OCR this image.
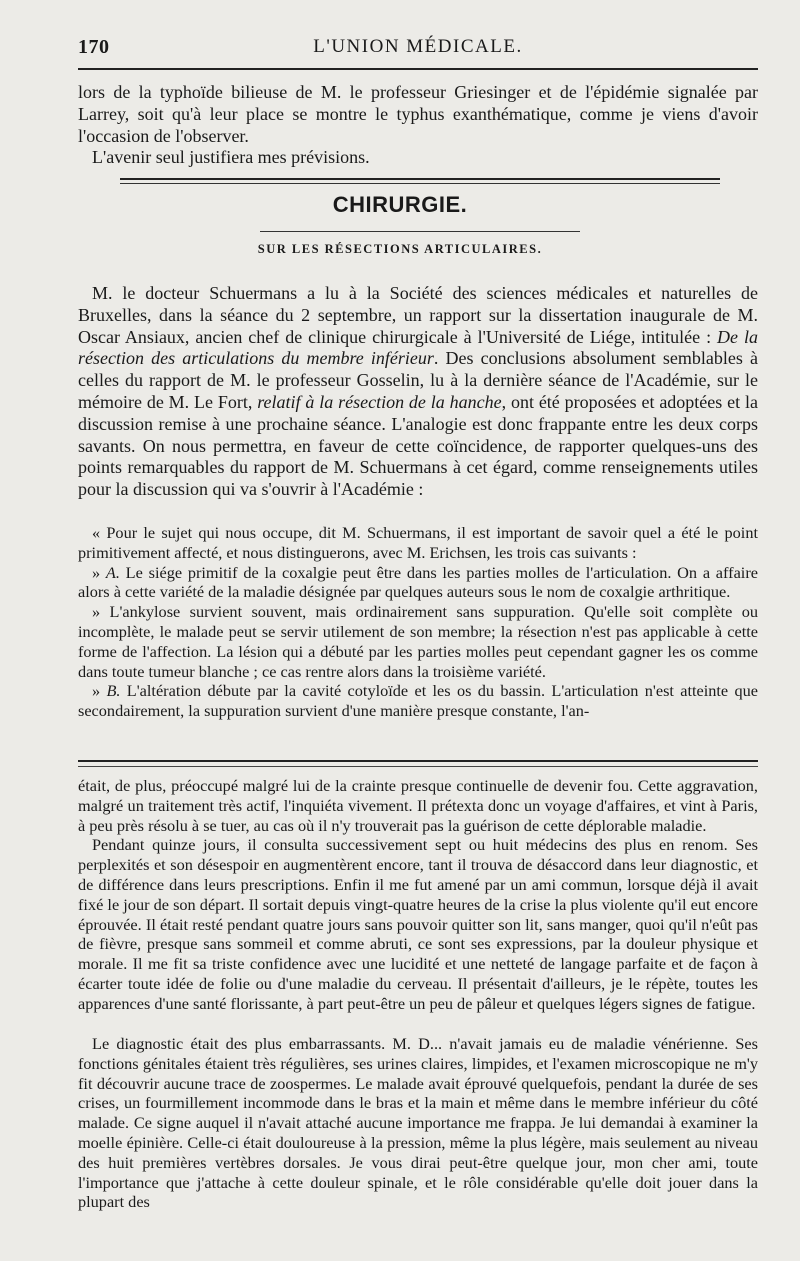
170	L'UNION MÉDICALE.

lors de la typhoïde bilieuse de M. le professeur Griesinger et de l'épidémie signalée par Larrey, soit qu'à leur place se montre le typhus exanthématique, comme je viens d'avoir l'occasion de l'observer.

L'avenir seul justifiera mes prévisions.

CHIRURGIE.
SUR LES RÉSECTIONS ARTICULAIRES.

M. le docteur Schuermans a lu à la Société des sciences médicales et naturelles de Bruxelles, dans la séance du 2 septembre, un rapport sur la dissertation inaugurale de M. Oscar Ansiaux, ancien chef de clinique chirurgicale à l'Université de Liége, intitulée : De la résection des articulations du membre inférieur. Des conclusions absolument semblables à celles du rapport de M. le professeur Gosselin, lu à la dernière séance de l'Académie, sur le mémoire de M. Le Fort, relatif à la résection de la hanche, ont été proposées et adoptées et la discussion remise à une prochaine séance. L'analogie est donc frappante entre les deux corps savants. On nous permettra, en faveur de cette coïncidence, de rapporter quelques-uns des points remarquables du rapport de M. Schuermans à cet égard, comme renseignements utiles pour la discussion qui va s'ouvrir à l'Académie :

« Pour le sujet qui nous occupe, dit M. Schuermans, il est important de savoir quel a été le point primitivement affecté, et nous distinguerons, avec M. Erichsen, les trois cas suivants :

» A. Le siége primitif de la coxalgie peut être dans les parties molles de l'articulation. On a affaire alors à cette variété de la maladie désignée par quelques auteurs sous le nom de coxalgie arthritique.

» L'ankylose survient souvent, mais ordinairement sans suppuration. Qu'elle soit complète ou incomplète, le malade peut se servir utilement de son membre; la résection n'est pas applicable à cette forme de l'affection. La lésion qui a débuté par les parties molles peut cependant gagner les os comme dans toute tumeur blanche ; ce cas rentre alors dans la troisième variété.

» B. L'altération débute par la cavité cotyloïde et les os du bassin. L'articulation n'est atteinte que secondairement, la suppuration survient d'une manière presque constante, l'an-

était, de plus, préoccupé malgré lui de la crainte presque continuelle de devenir fou. Cette aggravation, malgré un traitement très actif, l'inquiéta vivement. Il prétexta donc un voyage d'affaires, et vint à Paris, à peu près résolu à se tuer, au cas où il n'y trouverait pas la guérison de cette déplorable maladie.

Pendant quinze jours, il consulta successivement sept ou huit médecins des plus en renom. Ses perplexités et son désespoir en augmentèrent encore, tant il trouva de désaccord dans leur diagnostic, et de différence dans leurs prescriptions. Enfin il me fut amené par un ami commun, lorsque déjà il avait fixé le jour de son départ. Il sortait depuis vingt-quatre heures de la crise la plus violente qu'il eut encore éprouvée. Il était resté pendant quatre jours sans pouvoir quitter son lit, sans manger, quoi qu'il n'eût pas de fièvre, presque sans sommeil et comme abruti, ce sont ses expressions, par la douleur physique et morale. Il me fit sa triste confidence avec une lucidité et une netteté de langage parfaite et de façon à écarter toute idée de folie ou d'une maladie du cerveau. Il présentait d'ailleurs, je le répète, toutes les apparences d'une santé florissante, à part peut-être un peu de pâleur et quelques légers signes de fatigue.

Le diagnostic était des plus embarrassants. M. D... n'avait jamais eu de maladie vénérienne. Ses fonctions génitales étaient très régulières, ses urines claires, limpides, et l'examen microscopique ne m'y fit découvrir aucune trace de zoospermes. Le malade avait éprouvé quelquefois, pendant la durée de ses crises, un fourmillement incommode dans le bras et la main et même dans le membre inférieur du côté malade. Ce signe auquel il n'avait attaché aucune importance me frappa. Je lui demandai à examiner la moelle épinière. Celle-ci était douloureuse à la pression, même la plus légère, mais seulement au niveau des huit premières vertèbres dorsales. Je vous dirai peut-être quelque jour, mon cher ami, toute l'importance que j'attache à cette douleur spinale, et le rôle considérable qu'elle doit jouer dans la plupart des
